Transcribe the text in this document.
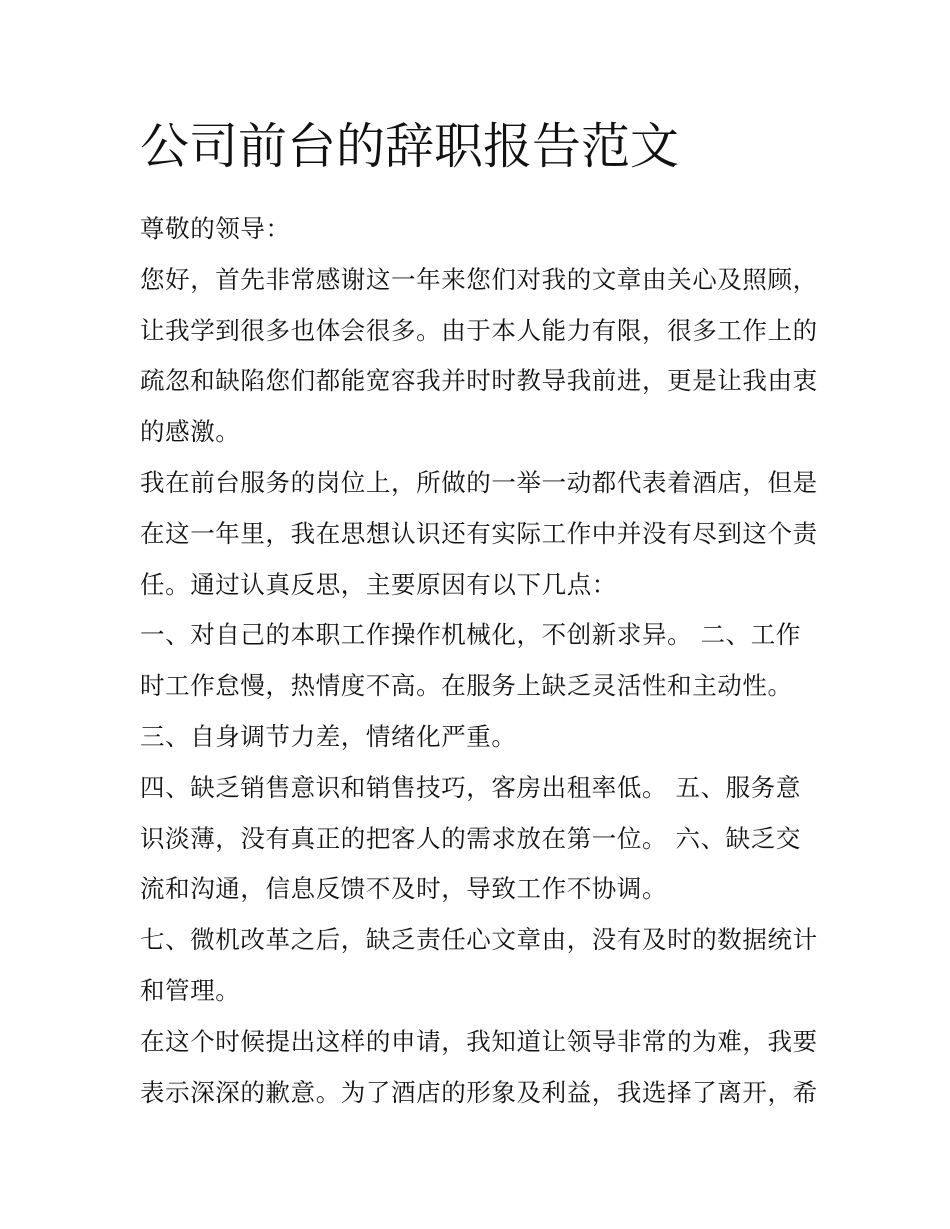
公司前台的辞职报告范文

尊敬的领导：

您好，首先非常感谢这一年来您们对我的文章由关心及照顾，
让我学到很多也体会很多。由于本人能力有限，很多工作上的
疏忽和缺陷您们都能宽容我并时时教导我前进，更是让我由衷
的感激。

我在前台服务的岗位上，所做的一举一动都代表着酒店，但是
在这一年里，我在思想认识还有实际工作中并没有尽到这个责
任。通过认真反思，主要原因有以下几点：

一、对自己的本职工作操作机械化，不创新求异。 二、工作
时工作怠慢，热情度不高。在服务上缺乏灵活性和主动性。

三、自身调节力差，情绪化严重。

四、缺乏销售意识和销售技巧，客房出租率低。 五、服务意
识淡薄，没有真正的把客人的需求放在第一位。 六、缺乏交
流和沟通，信息反馈不及时，导致工作不协调。

七、微机改革之后，缺乏责任心文章由，没有及时的数据统计
和管理。

在这个时候提出这样的申请，我知道让领导非常的为难，我要
表示深深的歉意。为了酒店的形象及利益，我选择了离开，希
